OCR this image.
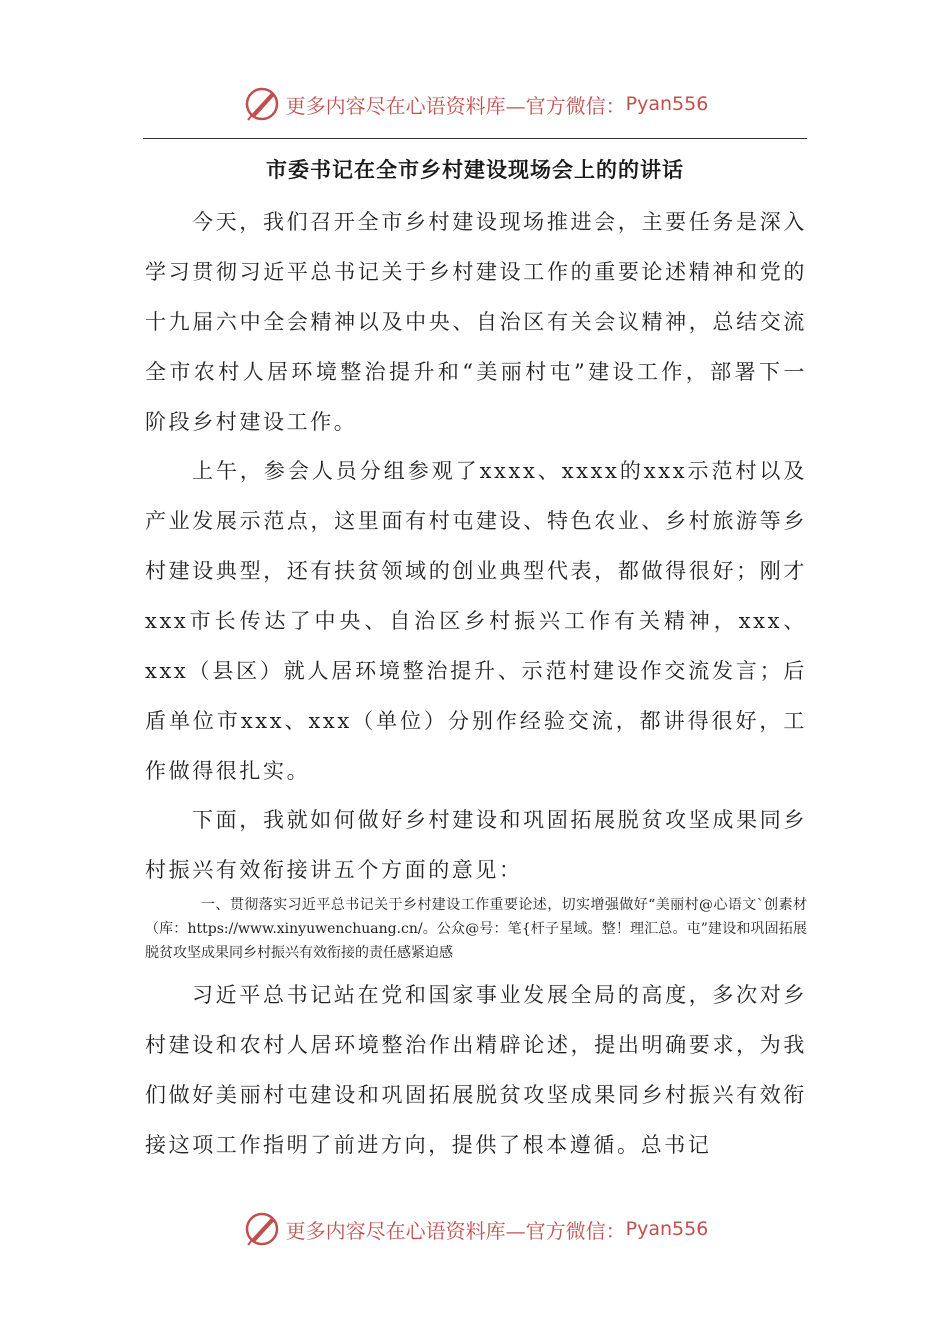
更多内容尽在心语资料库—官方微信： Pyan556
市委书记在全市乡村建设现场会上的的讲话

今天，我们召开全市乡村建设现场推进会，主要任务是深入学习贯彻习近平总书记关于乡村建设工作的重要论述精神和党的十九届六中全会精神以及中央、自治区有关会议精神，总结交流全市农村人居环境整治提升和“美丽村屯”建设工作，部署下一阶段乡村建设工作。

上午，参会人员分组参观了xxxx、xxxx的xxx示范村以及产业发展示范点，这里面有村屯建设、特色农业、乡村旅游等乡村建设典型，还有扶贫领域的创业典型代表，都做得很好；刚才xxx市长传达了中央、自治区乡村振兴工作有关精神，xxx、xxx（县区）就人居环境整治提升、示范村建设作交流发言；后盾单位市xxx、xxx（单位）分别作经验交流，都讲得很好，工作做得很扎实。

下面，我就如何做好乡村建设和巩固拓展脱贫攻坚成果同乡村振兴有效衔接讲五个方面的意见：

一、贯彻落实习近平总书记关于乡村建设工作重要论述，切实增强做好“美丽村@心语文`创素材（库：https://www.xinyuwenchuang.cn/。公众@号：笔{杆子星域。整！理汇总。屯”建设和巩固拓展脱贫攻坚成果同乡村振兴有效衔接的责任感紧迫感

习近平总书记站在党和国家事业发展全局的高度，多次对乡村建设和农村人居环境整治作出精辟论述，提出明确要求，为我们做好美丽村屯建设和巩固拓展脱贫攻坚成果同乡村振兴有效衔接这项工作指明了前进方向，提供了根本遵循。总书记

更多内容尽在心语资料库—官方微信： Pyan556
